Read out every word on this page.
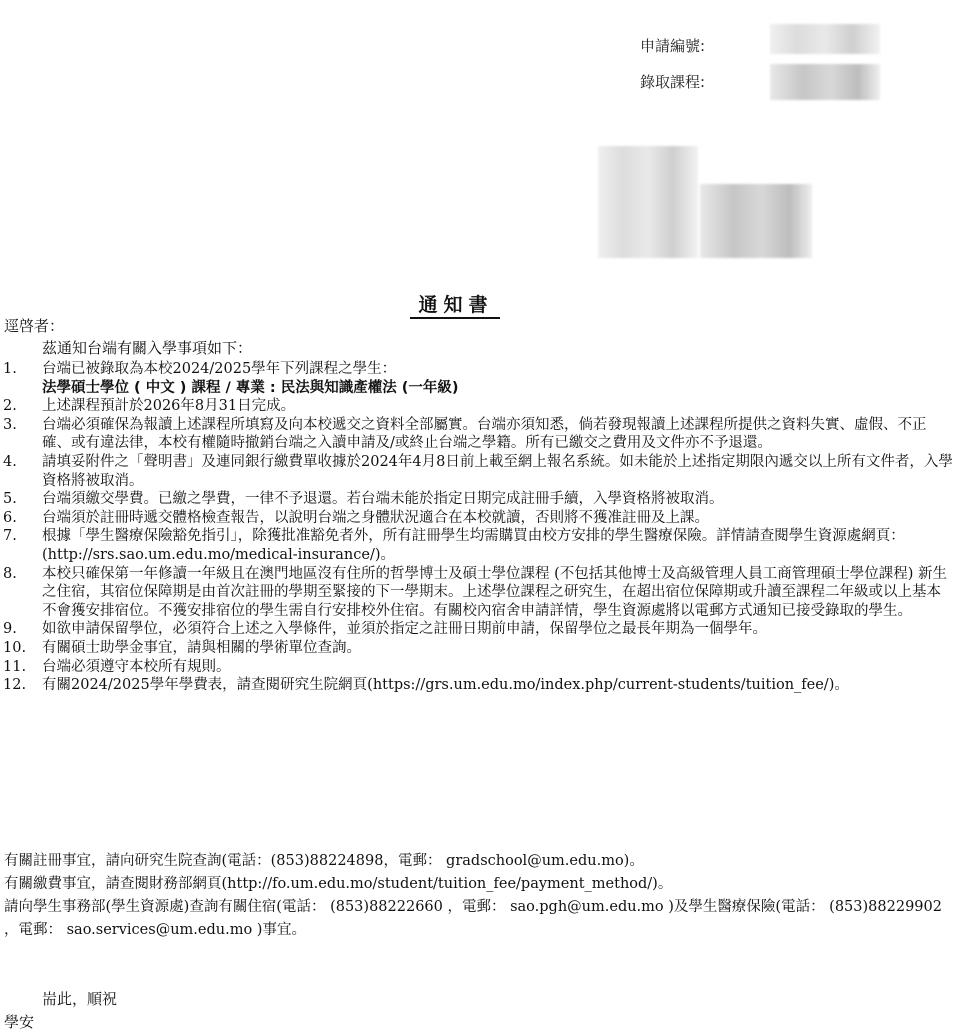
申請編號:
錄取課程:
通知書
逕啓者：
茲通知台端有關入學事項如下：
1.	台端已被錄取為本校2024/2025學年下列課程之學生：
法學碩士學位 ( 中文 ) 課程 / 專業 : 民法與知識產權法 (一年級)
2.	上述課程預計於2026年8月31日完成。
3.	台端必須確保為報讀上述課程所填寫及向本校遞交之資料全部屬實。台端亦須知悉，倘若發現報讀上述課程所提供之資料失實、虛假、不正確、或有違法律，本校有權隨時撤銷台端之入讀申請及/或終止台端之學籍。所有已繳交之費用及文件亦不予退還。
4.	請填妥附件之「聲明書」及連同銀行繳費單收據於2024年4月8日前上載至網上報名系統。如未能於上述指定期限內遞交以上所有文件者，入學資格將被取消。
5.	台端須繳交學費。已繳之學費，一律不予退還。若台端未能於指定日期完成註冊手續，入學資格將被取消。
6.	台端須於註冊時遞交體格檢查報告，以說明台端之身體狀況適合在本校就讀，否則將不獲准註冊及上課。
7.	根據「學生醫療保險豁免指引」，除獲批准豁免者外，所有註冊學生均需購買由校方安排的學生醫療保險。詳情請查閱學生資源處網頁：(http://srs.sao.um.edu.mo/medical-insurance/)。
8.	本校只確保第一年修讀一年級且在澳門地區沒有住所的哲學博士及碩士學位課程 (不包括其他博士及高級管理人員工商管理碩士學位課程) 新生之住宿，其宿位保障期是由首次註冊的學期至緊接的下一學期末。上述學位課程之研究生，在超出宿位保障期或升讀至課程二年級或以上基本不會獲安排宿位。不獲安排宿位的學生需自行安排校外住宿。有關校內宿舍申請詳情，學生資源處將以電郵方式通知已接受錄取的學生。
9.	如欲申請保留學位，必須符合上述之入學條件，並須於指定之註冊日期前申請，保留學位之最長年期為一個學年。
10.	有關碩士助學金事宜，請與相關的學術單位查詢。
11.	台端必須遵守本校所有規則。
12.	有關2024/2025學年學費表，請查閱研究生院網頁(https://grs.um.edu.mo/index.php/current-students/tuition_fee/)。

有關註冊事宜，請向研究生院查詢(電話：(853)88224898，電郵： gradschool@um.edu.mo)。

有關繳費事宜，請查閱財務部網頁(http://fo.um.edu.mo/student/tuition_fee/payment_method/)。

請向學生事務部(學生資源處)查詢有關住宿(電話： (853)88222660 ，電郵： sao.pgh@um.edu.mo )及學生醫療保險(電話： (853)88229902 ，電郵： sao.services@um.edu.mo )事宜。

耑此，順祝
學安
